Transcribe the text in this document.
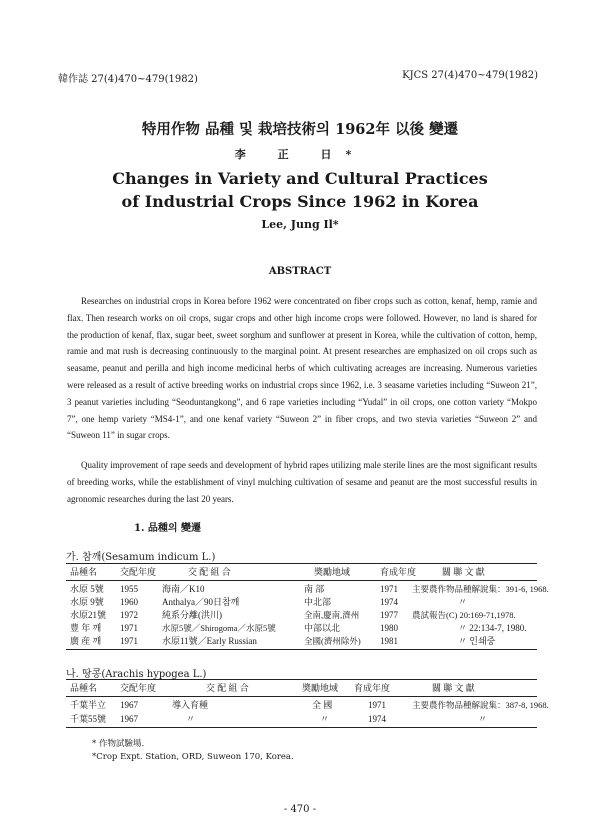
韓作誌 27(4)470~479(1982)	KJCS 27(4)470~479(1982)
特用作物 品種 및 栽培技術의 1962年 以後 變遷
李 正 日*
Changes in Variety and Cultural Practices
of Industrial Crops Since 1962 in Korea
Lee, Jung Il*
ABSTRACT

Researches on industrial crops in Korea before 1962 were concentrated on fiber crops such as cotton, kenaf, hemp, ramie and flax. Then research works on oil crops, sugar crops and other high income crops were followed. However, no land is shared for the production of kenaf, flax, sugar beet, sweet sorghum and sunflower at present in Korea, while the cultivation of cotton, hemp, ramie and mat rush is decreasing continuously to the marginal point. At present researches are emphasized on oil crops such as seasame, peanut and perilla and high income medicinal herbs of which cultivating acreages are increasing. Numerous varieties were released as a result of active breeding works on industrial crops since 1962, i.e. 3 seasame varieties including “Suweon 21”, 3 peanut varieties including “Seoduntangkong”, and 6 rape varieties including “Yudal” in oil crops, one cotton variety “Mokpo 7”, one hemp variety “MS4-1”, and one kenaf variety “Suweon 2” in fiber crops, and two stevia varieties “Suweon 2” and “Suweon 11” in sugar crops.

Quality improvement of rape seeds and development of hybrid rapes utilizing male sterile lines are the most significant results of breeding works, while the establishment of vinyl mulching cultivation of sesame and peanut are the most successful results in agronomic researches during the last 20 years.

1. 品種의 變遷
가. 참깨(Sesamum indicum L.)
品種名	交配年度	交 配 組 合	奬勵地域	育成年度	關 聯 文 獻
水原 5號 1955	海南／K10	南 部	1971 主要農作物品種解說集：391-6, 1968.
水原 9號 1960	Anthalya／90日참깨	中北部	1974	〃
水原21號 1972	純系分離(洪川)	全南,慶南,濟州 1977 農試報告(C) 20:169-71,1978.
豊 年 깨 1971	水原5號／Shirogoma／水原5號	中部以北	1980	〃 22:134-7, 1980.
廣 産 깨 1971	水原11號／Early Russian	全國(濟州除外) 1981	〃 인쇄중
나. 땅콩(Arachis hypogea L.)
品種名	交配年度	交 配 組 合	奬勵地域 育成年度	關 聯 文 獻
千葉半立 1967	導入育種	全 國	1971	主要農作物品種解說集：387-8, 1968.
千葉55號 1967	〃	〃	1974	〃
* 作物試驗場.
*Crop Expt. Station, ORD, Suweon 170, Korea.
- 470 -
